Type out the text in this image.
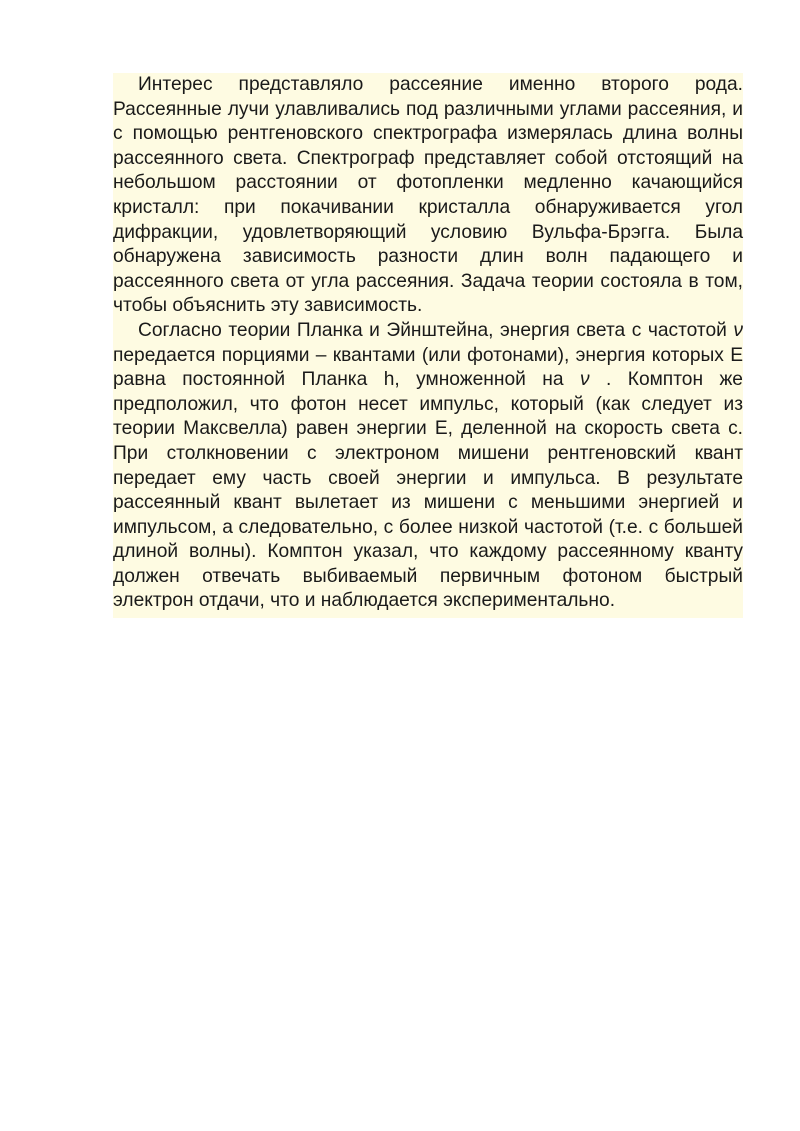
Интерес представляло рассеяние именно второго рода. Рассеянные лучи улавливались под различными углами рассеяния, и с помощью рентгеновского спектрографа измерялась длина волны рассеянного света. Спектрограф представляет собой отстоящий на небольшом расстоянии от фотопленки медленно качающийся кристалл: при покачивании кристалла обнаруживается угол дифракции, удовлетворяющий условию Вульфа-Брэгга. Была обнаружена зависимость разности длин волн падающего и рассеянного света от угла рассеяния. Задача теории состояла в том, чтобы объяснить эту зависимость.

Согласно теории Планка и Эйнштейна, энергия света с частотой ν передается порциями – квантами (или фотонами), энергия которых Е равна постоянной Планка h, умноженной на ν . Комптон же предположил, что фотон несет импульс, который (как следует из теории Максвелла) равен энергии Е, деленной на скорость света с. При столкновении с электроном мишени рентгеновский квант передает ему часть своей энергии и импульса. В результате рассеянный квант вылетает из мишени с меньшими энергией и импульсом, а следовательно, с более низкой частотой (т.е. с большей длиной волны). Комптон указал, что каждому рассеянному кванту должен отвечать выбиваемый первичным фотоном быстрый электрон отдачи, что и наблюдается экспериментально.
